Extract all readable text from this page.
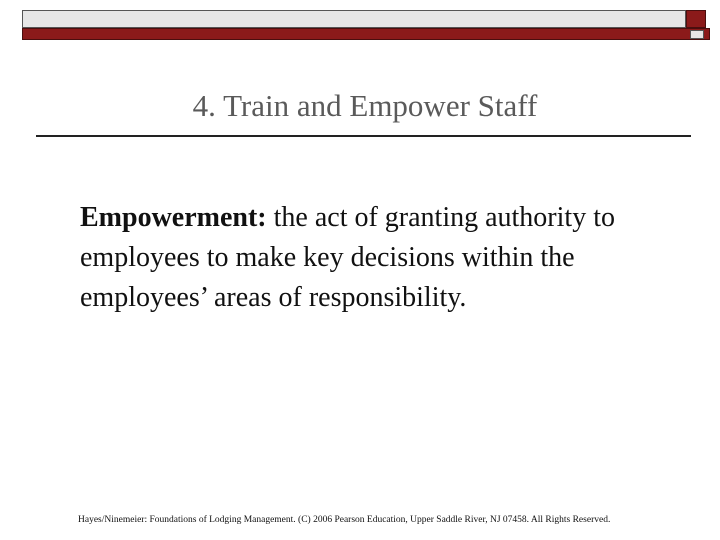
4. Train and Empower Staff
Empowerment: the act of granting authority to employees to make key decisions within the employees’ areas of responsibility.
Hayes/Ninemeier: Foundations of Lodging Management. (C) 2006 Pearson Education, Upper Saddle River, NJ 07458. All Rights Reserved.
